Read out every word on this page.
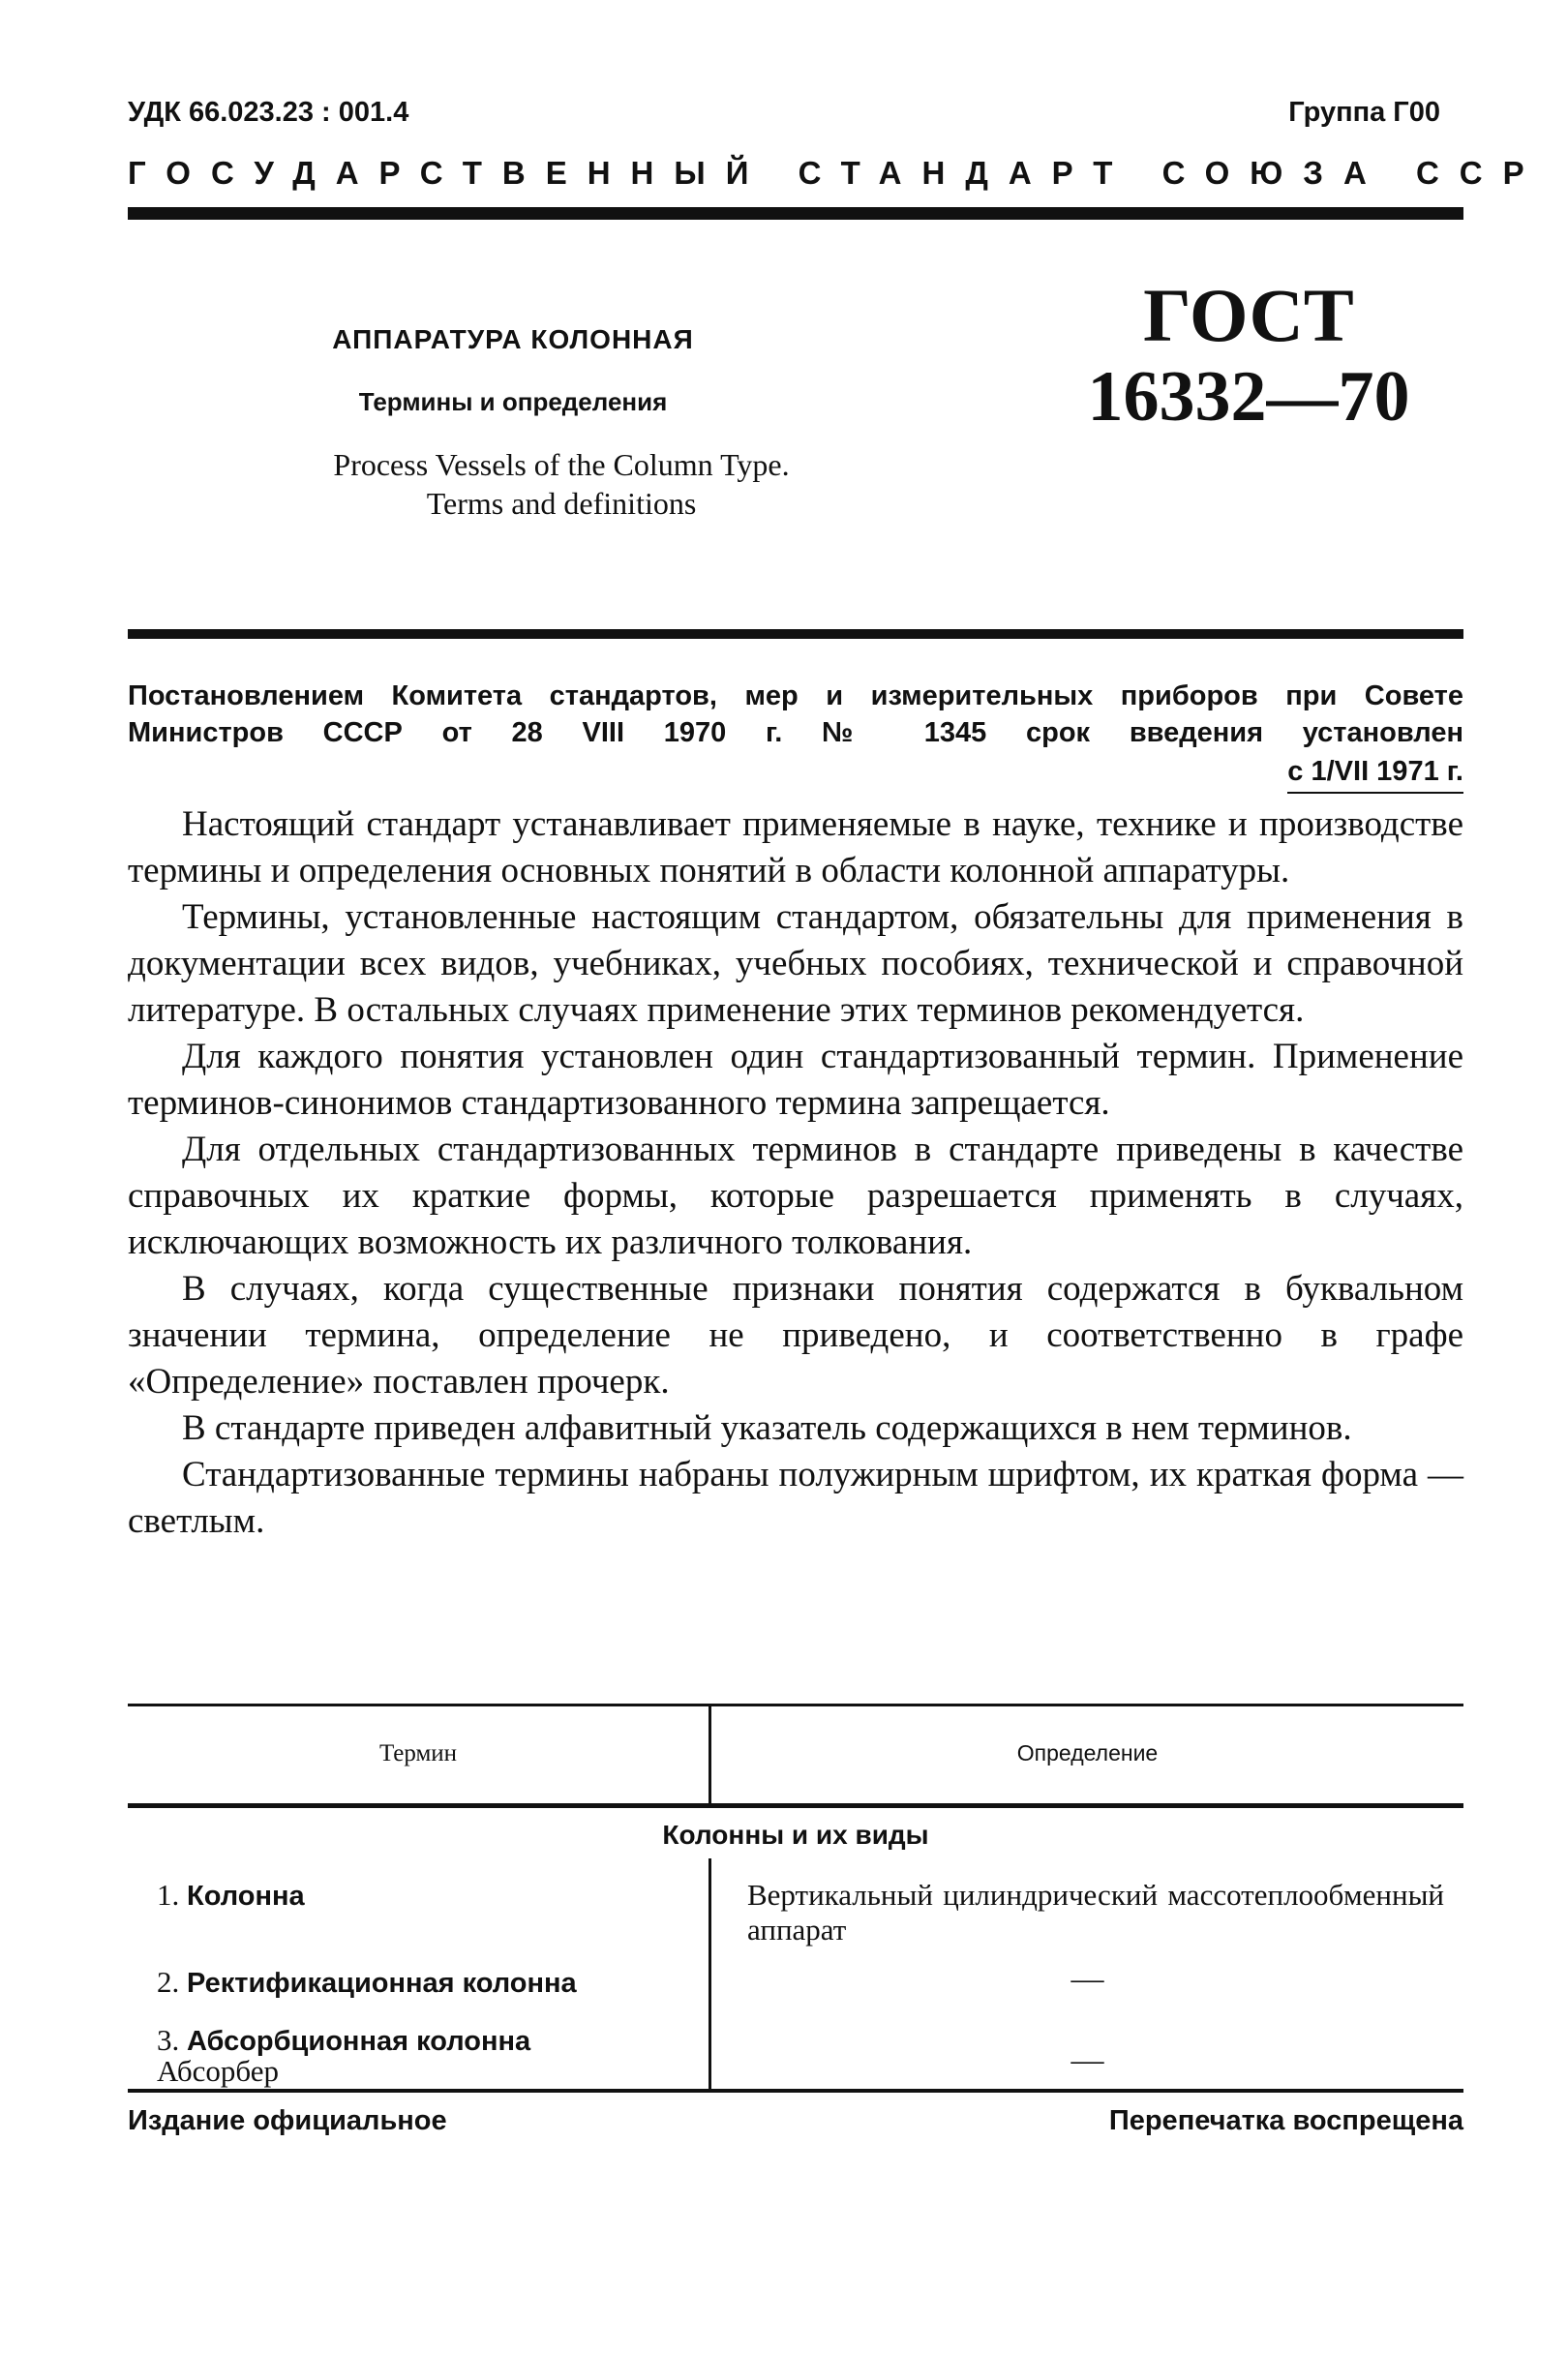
УДК 66.023.23 : 001.4	Группа Г00
ГОСУДАРСТВЕННЫЙ СТАНДАРТ СОЮЗА ССР
АППАРАТУРА КОЛОННАЯ
Термины и определения
Process Vessels of the Column Type.
Terms and definitions
ГОСТ
16332—70
Постановлением Комитета стандартов, мер и измерительных приборов при Совете Министров СССР от 28 VIII 1970 г. № 1345 срок введения установлен
с 1/VII 1971 г.

Настоящий стандарт устанавливает применяемые в науке, технике и производстве термины и определения основных понятий в области колонной аппаратуры.

Термины, установленные настоящим стандартом, обязательны для применения в документации всех видов, учебниках, учебных пособиях, технической и справочной литературе. В остальных случаях применение этих терминов рекомендуется.

Для каждого понятия установлен один стандартизованный термин. Применение терминов-синонимов стандартизованного термина запрещается.

Для отдельных стандартизованных терминов в стандарте приведены в качестве справочных их краткие формы, которые разрешается применять в случаях, исключающих возможность их различного толкования.

В случаях, когда существенные признаки понятия содержатся в буквальном значении термина, определение не приведено, и соответственно в графе «Определение» поставлен прочерк.

В стандарте приведен алфавитный указатель содержащихся в нем терминов.

Стандартизованные термины набраны полужирным шрифтом, их краткая форма — светлым.

Термин	Определение
Колонны и их виды
1. Колонна	Вертикальный цилиндрический массотеплообменный аппарат
2. Ректификационная колонна	—
3. Абсорбционная колонна
Абсорбер	—
Издание официальное	Перепечатка воспрещена
